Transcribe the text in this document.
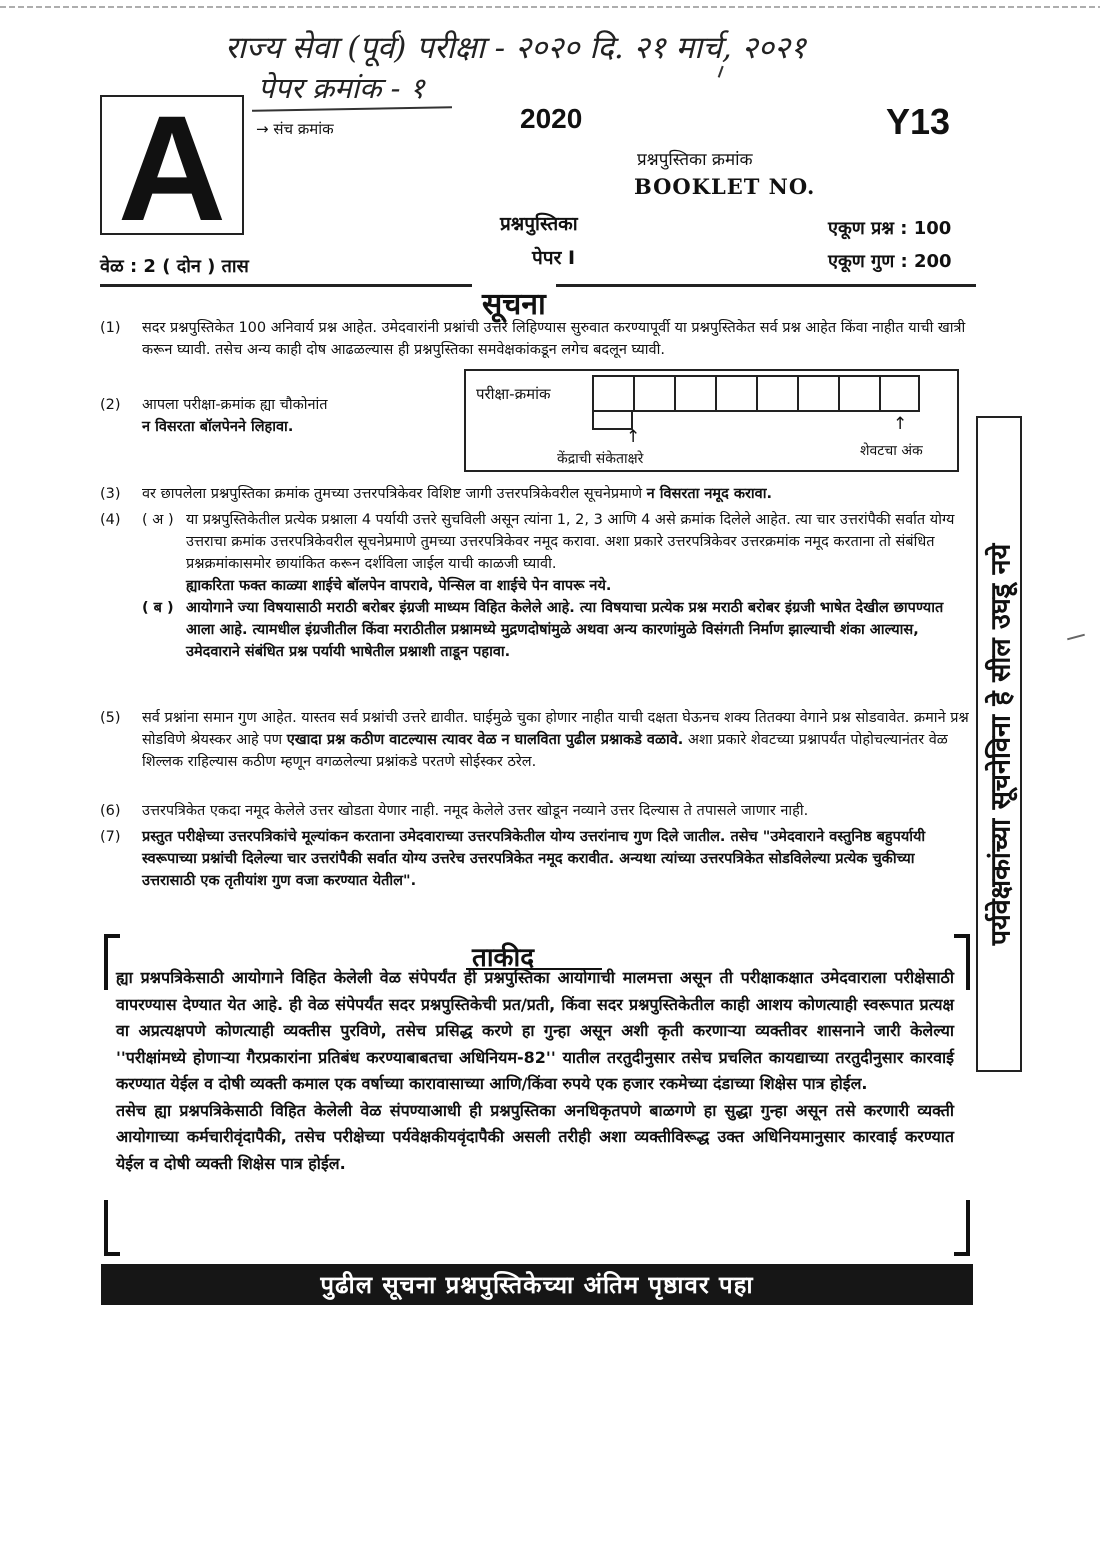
राज्य सेवा (पूर्व) परीक्षा - २०२० दि. २१ मार्च, २०२१
पेपर क्रमांक - १
A → संच क्रमांक	2020	Y13
प्रश्नपुस्तिका क्रमांक
BOOKLET NO.
प्रश्नपुस्तिका
पेपर I
एकूण प्रश्न : 100
एकूण गुण : 200
वेळ : 2 ( दोन ) तास
सूचना
(1) सदर प्रश्नपुस्तिकेत 100 अनिवार्य प्रश्न आहेत. उमेदवारांनी प्रश्नांची उत्तरे लिहिण्यास सुरुवात करण्यापूर्वी या प्रश्नपुस्तिकेत सर्व प्रश्न आहेत किंवा नाहीत याची खात्री करून घ्यावी. तसेच अन्य काही दोष आढळल्यास ही प्रश्नपुस्तिका समवेक्षकांकडून लगेच बदलून घ्यावी.

(2) आपला परीक्षा-क्रमांक ह्या चौकोनांत

न विसरता बॉलपेनने लिहावा.

परीक्षा-क्रमांक
↑
↑
केंद्राची संकेताक्षरे	शेवटचा अंक
(3) वर छापलेला प्रश्नपुस्तिका क्रमांक तुमच्या उत्तरपत्रिकेवर विशिष्ट जागी उत्तरपत्रिकेवरील सूचनेप्रमाणे न विसरता नमूद करावा.

(4) ( अ ) या प्रश्नपुस्तिकेतील प्रत्येक प्रश्नाला 4 पर्यायी उत्तरे सुचविली असून त्यांना 1, 2, 3 आणि 4 असे क्रमांक दिलेले आहेत. त्या चार उत्तरांपैकी सर्वात योग्य उत्तराचा क्रमांक उत्तरपत्रिकेवरील सूचनेप्रमाणे तुमच्या उत्तरपत्रिकेवर नमूद करावा. अशा प्रकारे उत्तरपत्रिकेवर उत्तरक्रमांक नमूद करताना तो संबंधित प्रश्नक्रमांकासमोर छायांकित करून दर्शविला जाईल याची काळजी घ्यावी.

ह्याकरिता फक्त काळ्या शाईचे बॉलपेन वापरावे, पेन्सिल वा शाईचे पेन वापरू नये.

( ब ) आयोगाने ज्या विषयासाठी मराठी बरोबर इंग्रजी माध्यम विहित केलेले आहे. त्या विषयाचा प्रत्येक प्रश्न मराठी बरोबर इंग्रजी भाषेत देखील छापण्यात आला आहे. त्यामधील इंग्रजीतील किंवा मराठीतील प्रश्नामध्ये मुद्रणदोषांमुळे अथवा अन्य कारणांमुळे विसंगती निर्माण झाल्याची शंका आल्यास, उमेदवाराने संबंधित प्रश्न पर्यायी भाषेतील प्रश्नाशी ताडून पहावा.

(5) सर्व प्रश्नांना समान गुण आहेत. यास्तव सर्व प्रश्नांची उत्तरे द्यावीत. घाईमुळे चुका होणार नाहीत याची दक्षता घेऊनच शक्य तितक्या वेगाने प्रश्न सोडवावेत. क्रमाने प्रश्न सोडविणे श्रेयस्कर आहे पण एखादा प्रश्न कठीण वाटल्यास त्यावर वेळ न घालविता पुढील प्रश्नाकडे वळावे. अशा प्रकारे शेवटच्या प्रश्नापर्यंत पोहोचल्यानंतर वेळ शिल्लक राहिल्यास कठीण म्हणून वगळलेल्या प्रश्नांकडे परतणे सोईस्कर ठरेल.

(6) उत्तरपत्रिकेत एकदा नमूद केलेले उत्तर खोडता येणार नाही. नमूद केलेले उत्तर खोडून नव्याने उत्तर दिल्यास ते तपासले जाणार नाही.

(7) प्रस्तुत परीक्षेच्या उत्तरपत्रिकांचे मूल्यांकन करताना उमेदवाराच्या उत्तरपत्रिकेतील योग्य उत्तरांनाच गुण दिले जातील. तसेच "उमेदवाराने वस्तुनिष्ठ बहुपर्यायी स्वरूपाच्या प्रश्नांची दिलेल्या चार उत्तरांपैकी सर्वात योग्य उत्तरेच उत्तरपत्रिकेत नमूद करावीत. अन्यथा त्यांच्या उत्तरपत्रिकेत सोडविलेल्या प्रत्येक चुकीच्या उत्तरासाठी एक तृतीयांश गुण वजा करण्यात येतील".	पर्यवेक्षकांच्या सूचनेविना हे सील उघडू नये
ताकीद

ह्या प्रश्नपत्रिकेसाठी आयोगाने विहित केलेली वेळ संपेपर्यंत ही प्रश्नपुस्तिका आयोगाची मालमत्ता असून ती परीक्षाकक्षात उमेदवाराला परीक्षेसाठी वापरण्यास देण्यात येत आहे. ही वेळ संपेपर्यंत सदर प्रश्नपुस्तिकेची प्रत/प्रती, किंवा सदर प्रश्नपुस्तिकेतील काही आशय कोणत्याही स्वरूपात प्रत्यक्ष वा अप्रत्यक्षपणे कोणत्याही व्यक्तीस पुरविणे, तसेच प्रसिद्ध करणे हा गुन्हा असून अशी कृती करणाऱ्या व्यक्तीवर शासनाने जारी केलेल्या ''परीक्षांमध्ये होणाऱ्या गैरप्रकारांना प्रतिबंध करण्याबाबतचा अधिनियम-82'' यातील तरतुदीनुसार तसेच प्रचलित कायद्याच्या तरतुदीनुसार कारवाई करण्यात येईल व दोषी व्यक्ती कमाल एक वर्षाच्या कारावासाच्या आणि/किंवा रुपये एक हजार रकमेच्या दंडाच्या शिक्षेस पात्र होईल.

तसेच ह्या प्रश्नपत्रिकेसाठी विहित केलेली वेळ संपण्याआधी ही प्रश्नपुस्तिका अनधिकृतपणे बाळगणे हा सुद्धा गुन्हा असून तसे करणारी व्यक्ती आयोगाच्या कर्मचारीवृंदापैकी, तसेच परीक्षेच्या पर्यवेक्षकीयवृंदापैकी असली तरीही अशा व्यक्तीविरूद्ध उक्त अधिनियमानुसार कारवाई करण्यात येईल व दोषी व्यक्ती शिक्षेस पात्र होईल.

पुढील सूचना प्रश्नपुस्तिकेच्या अंतिम पृष्ठावर पहा
